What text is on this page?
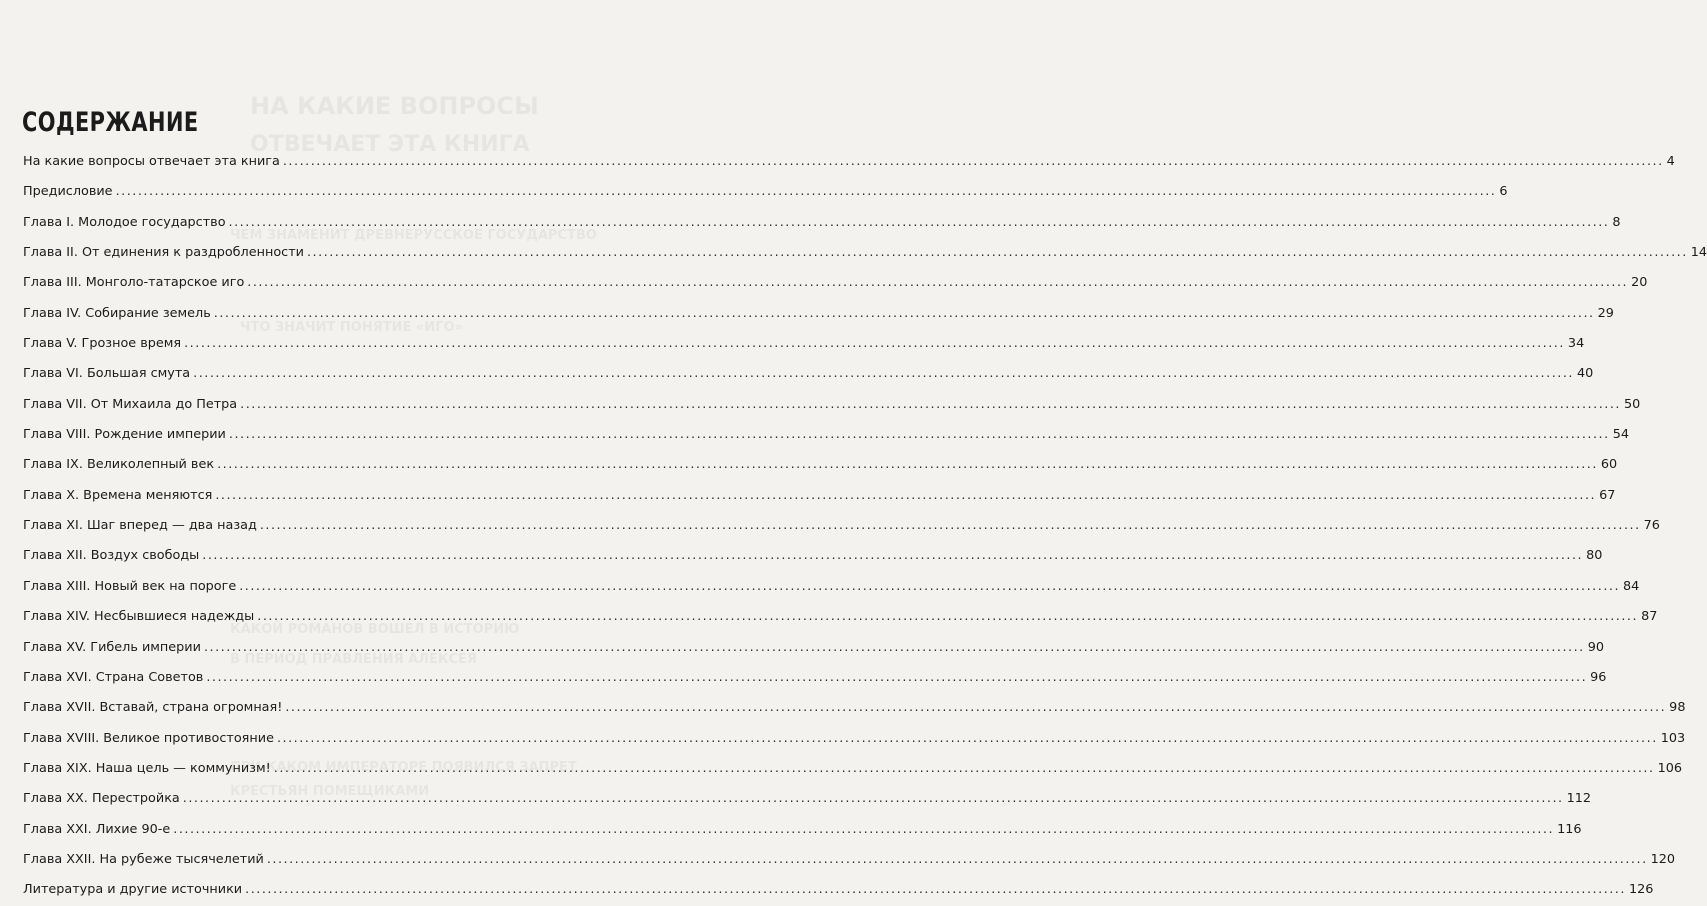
НА КАКИЕ ВОПРОСЫ
ОТВЕЧАЕТ ЭТА КНИГА
ЧЕМ ЗНАМЕНИТ ДРЕВНЕРУССКОЕ ГОСУДАРСТВО
ЧТО ЗНАЧИТ ПОНЯТИЕ «ИГО»
КАКОЙ РОМАНОВ ВОШЕЛ В ИСТОРИЮ
В ПЕРИОД ПРАВЛЕНИЯ АЛЕКСЕЯ
ПРИ КАКОМ ИМПЕРАТОРЕ ПОЯВИЛСЯ ЗАПРЕТ
КРЕСТЬЯН ПОМЕЩИКАМИ
СОДЕРЖАНИЕ
На какие вопросы отвечает эта книга .....	4
Предисловие .....	6
Глава I. Молодое государство .....	8
Глава II. От единения к раздробленности .....	14
Глава III. Монголо-татарское иго .....	20
Глава IV. Собирание земель .....	29
Глава V. Грозное время .....	34
Глава VI. Большая смута .....	40
Глава VII. От Михаила до Петра .....	50
Глава VIII. Рождение империи .....	54
Глава IX. Великолепный век .....	60
Глава X. Времена меняются .....	67
Глава XI. Шаг вперед — два назад .....	76
Глава XII. Воздух свободы .....	80
Глава XIII. Новый век на пороге .....	84
Глава XIV. Несбывшиеся надежды .....	87
Глава XV. Гибель империи .....	90
Глава XVI. Страна Советов .....	96
Глава XVII. Вставай, страна огромная! .....	98
Глава XVIII. Великое противостояние .....	103
Глава XIX. Наша цель — коммунизм! .....	106
Глава XX. Перестройка .....	112
Глава XXI. Лихие 90-е .....	116
Глава XXII. На рубеже тысячелетий .....	120
Литература и другие источники .....	126
